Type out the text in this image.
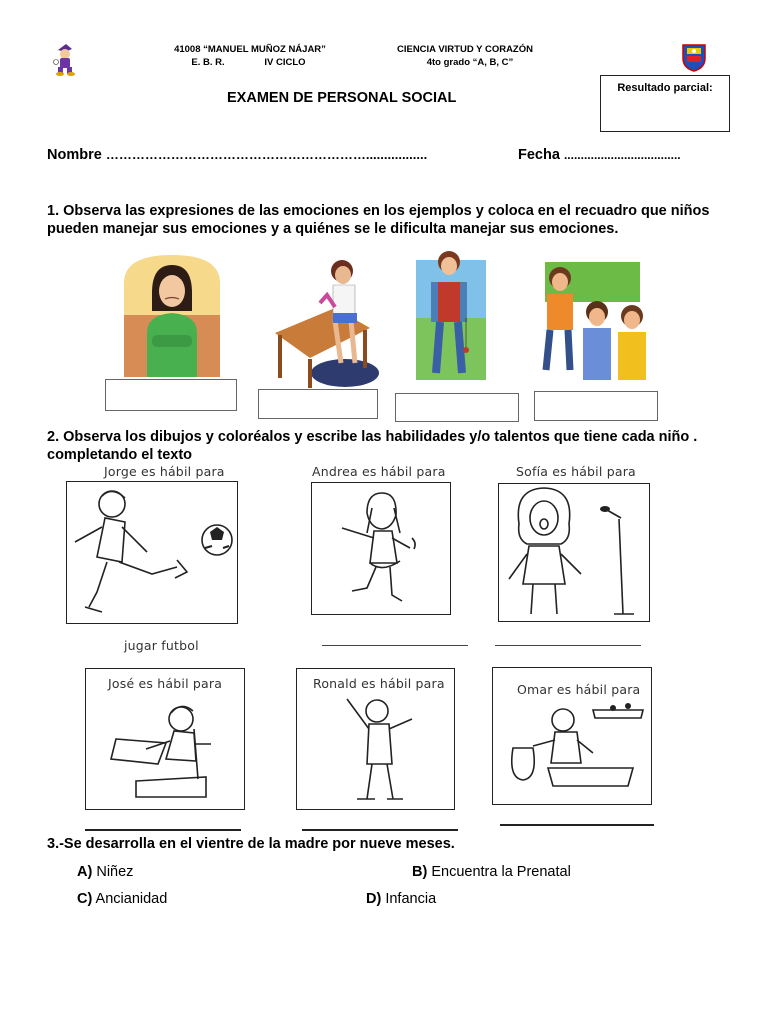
41008 “MANUEL MUÑOZ NÁJAR”
E. B. R.	IV CICLO
CIENCIA VIRTUD Y CORAZÓN
4to grado “A, B, C”
Resultado parcial:
EXAMEN DE PERSONAL SOCIAL
Nombre …………………………………………………….................	Fecha ...................................
1. Observa las expresiones de las emociones en los ejemplos y coloca en el recuadro que niños pueden manejar sus emociones y a quiénes se le dificulta manejar sus emociones.
2. Observa los dibujos y coloréalos y escribe las habilidades y/o talentos que tiene cada niño . completando el texto
Jorge es hábil para
jugar futbol
Andrea es hábil para	Sofía es hábil para
José es hábil para	Ronald es hábil para	Omar es hábil para
3.-Se desarrolla en el vientre de la madre por nueve meses.
A) Niñez	B) Encuentra la Prenatal
C) Ancianidad	D) Infancia
